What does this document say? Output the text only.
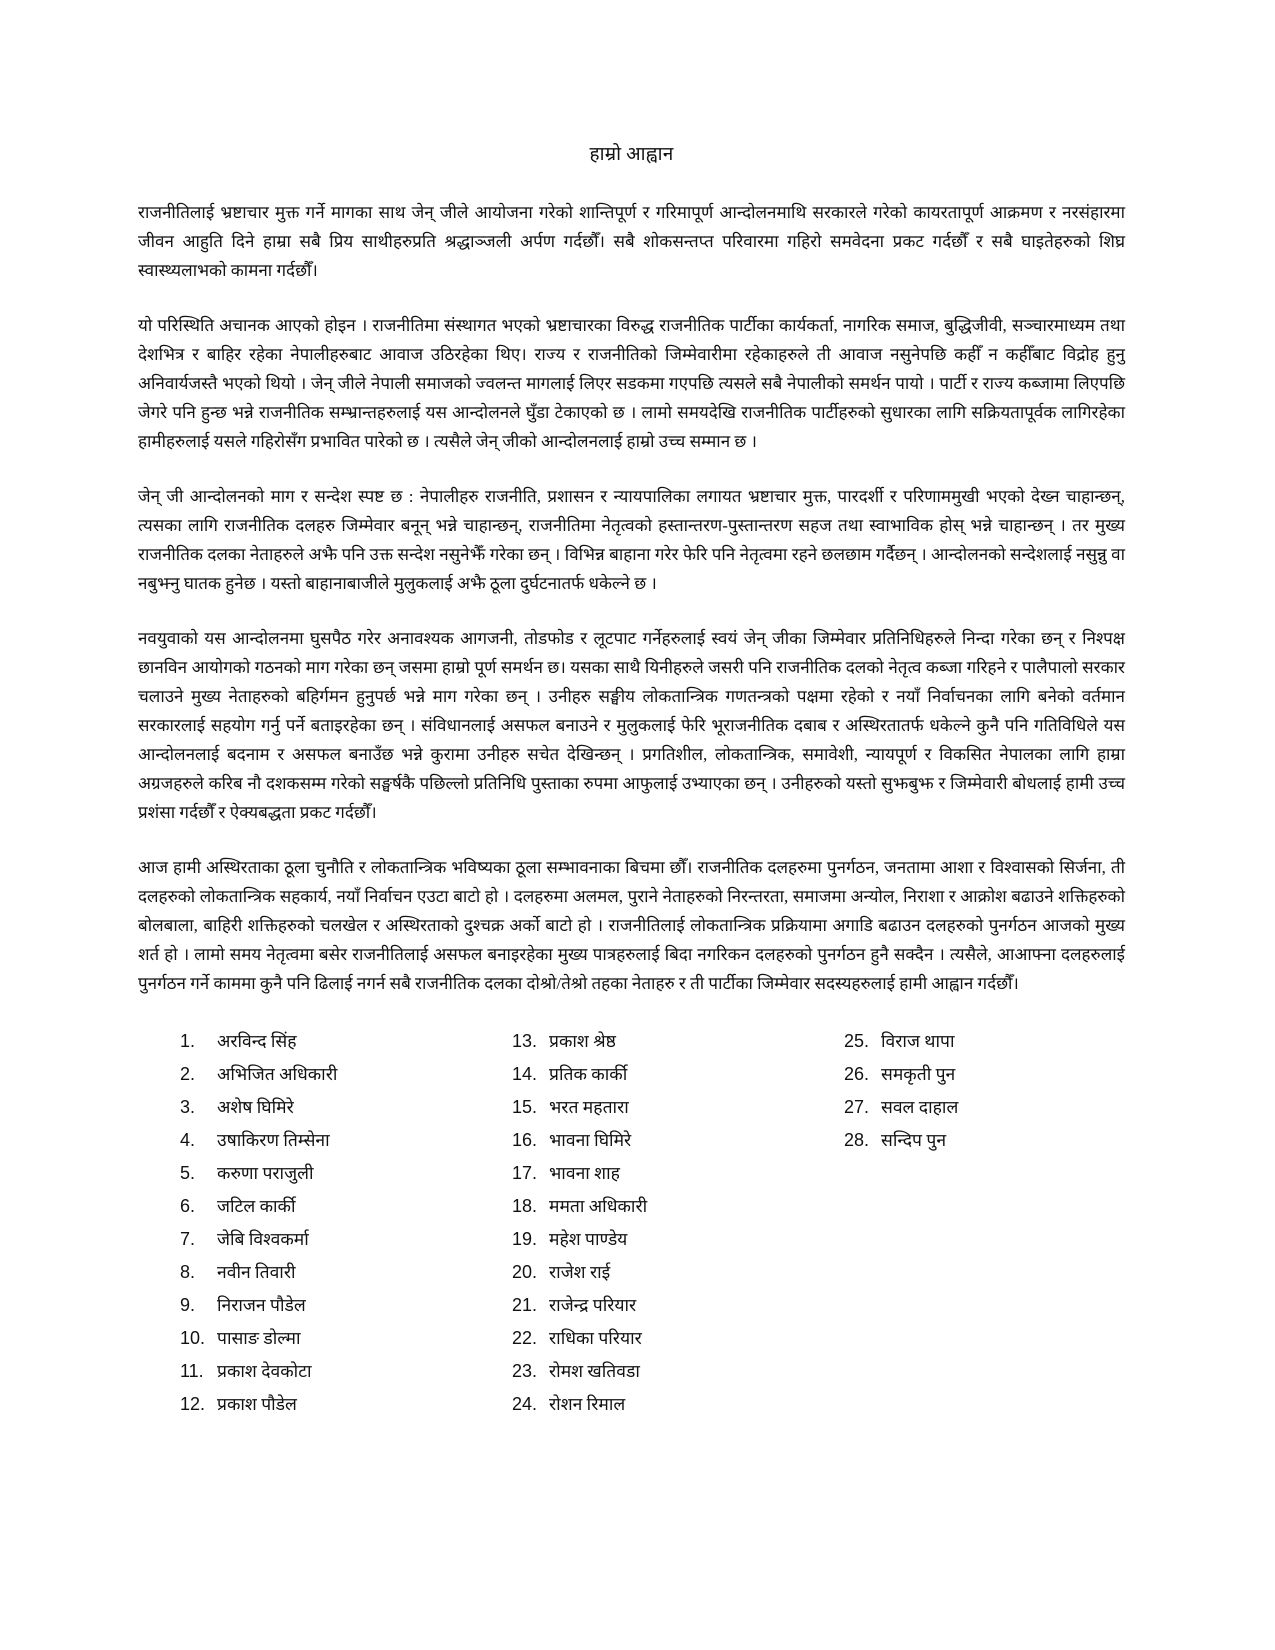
हाम्रो आह्वान

राजनीतिलाई भ्रष्टाचार मुक्त गर्ने मागका साथ जेन् जीले आयोजना गरेको शान्तिपूर्ण र गरिमापूर्ण आन्दोलनमाथि सरकारले गरेको कायरतापूर्ण आक्रमण र नरसंहारमा जीवन आहुति दिने हाम्रा सबै प्रिय साथीहरुप्रति श्रद्धाञ्जली अर्पण गर्दछौँ। सबै शोकसन्तप्त परिवारमा गहिरो समवेदना प्रकट गर्दछौँ र सबै घाइतेहरुको शिघ्र स्वास्थ्यलाभको कामना गर्दछौँ।

यो परिस्थिति अचानक आएको होइन । राजनीतिमा संस्थागत भएको भ्रष्टाचारका विरुद्ध राजनीतिक पार्टीका कार्यकर्ता, नागरिक समाज, बुद्धिजीवी, सञ्चारमाध्यम तथा देशभित्र र बाहिर रहेका नेपालीहरुबाट आवाज उठिरहेका थिए। राज्य र राजनीतिको जिम्मेवारीमा रहेकाहरुले ती आवाज नसुनेपछि कहीँ न कहीँबाट विद्रोह हुनु अनिवार्यजस्तै भएको थियो । जेन् जीले नेपाली समाजको ज्वलन्त मागलाई लिएर सडकमा गएपछि त्यसले सबै नेपालीको समर्थन पायो । पार्टी र राज्य कब्जामा लिएपछि जेगरे पनि हुन्छ भन्ने राजनीतिक सम्भ्रान्तहरुलाई यस आन्दोलनले घुँडा टेकाएको छ । लामो समयदेखि राजनीतिक पार्टीहरुको सुधारका लागि सक्रियतापूर्वक लागिरहेका हामीहरुलाई यसले गहिरोसँग प्रभावित पारेको छ । त्यसैले जेन् जीको आन्दोलनलाई हाम्रो उच्च सम्मान छ ।

जेन् जी आन्दोलनको माग र सन्देश स्पष्ट छ : नेपालीहरु राजनीति, प्रशासन र न्यायपालिका लगायत भ्रष्टाचार मुक्त, पारदर्शी र परिणाममुखी भएको देख्न चाहान्छन्, त्यसका लागि राजनीतिक दलहरु जिम्मेवार बनून् भन्ने चाहान्छन्, राजनीतिमा नेतृत्वको हस्तान्तरण-पुस्तान्तरण सहज तथा स्वाभाविक होस् भन्ने चाहान्छन् । तर मुख्य राजनीतिक दलका नेताहरुले अझै पनि उक्त सन्देश नसुनेझैँ गरेका छन् । विभिन्न बाहाना गरेर फेरि पनि नेतृत्वमा रहने छलछाम गर्दैछन् । आन्दोलनको सन्देशलाई नसुन्नु वा नबुझ्नु घातक हुनेछ । यस्तो बाहानाबाजीले मुलुकलाई अझै ठूला दुर्घटनातर्फ धकेल्ने छ ।

नवयुवाको यस आन्दोलनमा घुसपैठ गरेर अनावश्यक आगजनी, तोडफोड र लूटपाट गर्नेहरुलाई स्वयं जेन् जीका जिम्मेवार प्रतिनिधिहरुले निन्दा गरेका छन् र निश्पक्ष छानविन आयोगको गठनको माग गरेका छन् जसमा हाम्रो पूर्ण समर्थन छ। यसका साथै यिनीहरुले जसरी पनि राजनीतिक दलको नेतृत्व कब्जा गरिहने र पालैपालो सरकार चलाउने मुख्य नेताहरुको बहिर्गमन हुनुपर्छ भन्ने माग गरेका छन् । उनीहरु सङ्घीय लोकतान्त्रिक गणतन्त्रको पक्षमा रहेको र नयाँ निर्वाचनका लागि बनेको वर्तमान सरकारलाई सहयोग गर्नु पर्ने बताइरहेका छन् । संविधानलाई असफल बनाउने र मुलुकलाई फेरि भूराजनीतिक दबाब र अस्थिरतातर्फ धकेल्ने कुनै पनि गतिविधिले यस आन्दोलनलाई बदनाम र असफल बनाउँछ भन्ने कुरामा उनीहरु सचेत देखिन्छन् । प्रगतिशील, लोकतान्त्रिक, समावेशी, न्यायपूर्ण र विकसित नेपालका लागि हाम्रा अग्रजहरुले करिब नौ दशकसम्म गरेको सङ्घर्षकै पछिल्लो प्रतिनिधि पुस्ताका रुपमा आफुलाई उभ्याएका छन् । उनीहरुको यस्तो सुझबुझ र जिम्मेवारी बोधलाई हामी उच्च प्रशंसा गर्दछौँ र ऐक्यबद्धता प्रकट गर्दछौँ।

आज हामी अस्थिरताका ठूला चुनौति र लोकतान्त्रिक भविष्यका ठूला सम्भावनाका बिचमा छौँ। राजनीतिक दलहरुमा पुनर्गठन, जनतामा आशा र विश्वासको सिर्जना, ती दलहरुको लोकतान्त्रिक सहकार्य, नयाँ निर्वाचन एउटा बाटो हो । दलहरुमा अलमल, पुराने नेताहरुको निरन्तरता, समाजमा अन्योल, निराशा र आक्रोश बढाउने शक्तिहरुको बोलबाला, बाहिरी शक्तिहरुको चलखेल र अस्थिरताको दुश्चक्र अर्को बाटो हो । राजनीतिलाई लोकतान्त्रिक प्रक्रियामा अगाडि बढाउन दलहरुको पुनर्गठन आजको मुख्य शर्त हो । लामो समय नेतृत्वमा बसेर राजनीतिलाई असफल बनाइरहेका मुख्य पात्रहरुलाई बिदा नगरिकन दलहरुको पुनर्गठन हुनै सक्दैन । त्यसैले, आआफ्ना दलहरुलाई पुनर्गठन गर्ने काममा कुनै पनि ढिलाई नगर्न सबै राजनीतिक दलका दोश्रो/तेश्रो तहका नेताहरु र ती पार्टीका जिम्मेवार सदस्यहरुलाई हामी आह्वान गर्दछौँ।

1.	अरविन्द सिंह
2.	अभिजित अधिकारी
3.	अशेष घिमिरे
4.	उषाकिरण तिम्सेना
5.	करुणा पराजुली
6.	जटिल कार्की
7.	जेबि विश्वकर्मा
8.	नवीन तिवारी
9.	निराजन पौडेल
10. पासाङ डोल्मा
11. प्रकाश देवकोटा
12. प्रकाश पौडेल
13. प्रकाश श्रेष्ठ
14. प्रतिक कार्की
15. भरत महतारा
16. भावना घिमिरे
17. भावना शाह
18. ममता अधिकारी
19. महेश पाण्डेय
20. राजेश राई
21. राजेन्द्र परियार
22. राधिका परियार
23. रोमश खतिवडा
24. रोशन रिमाल
25. विराज थापा
26. समकृती पुन
27. सवल दाहाल
28. सन्दिप पुन
